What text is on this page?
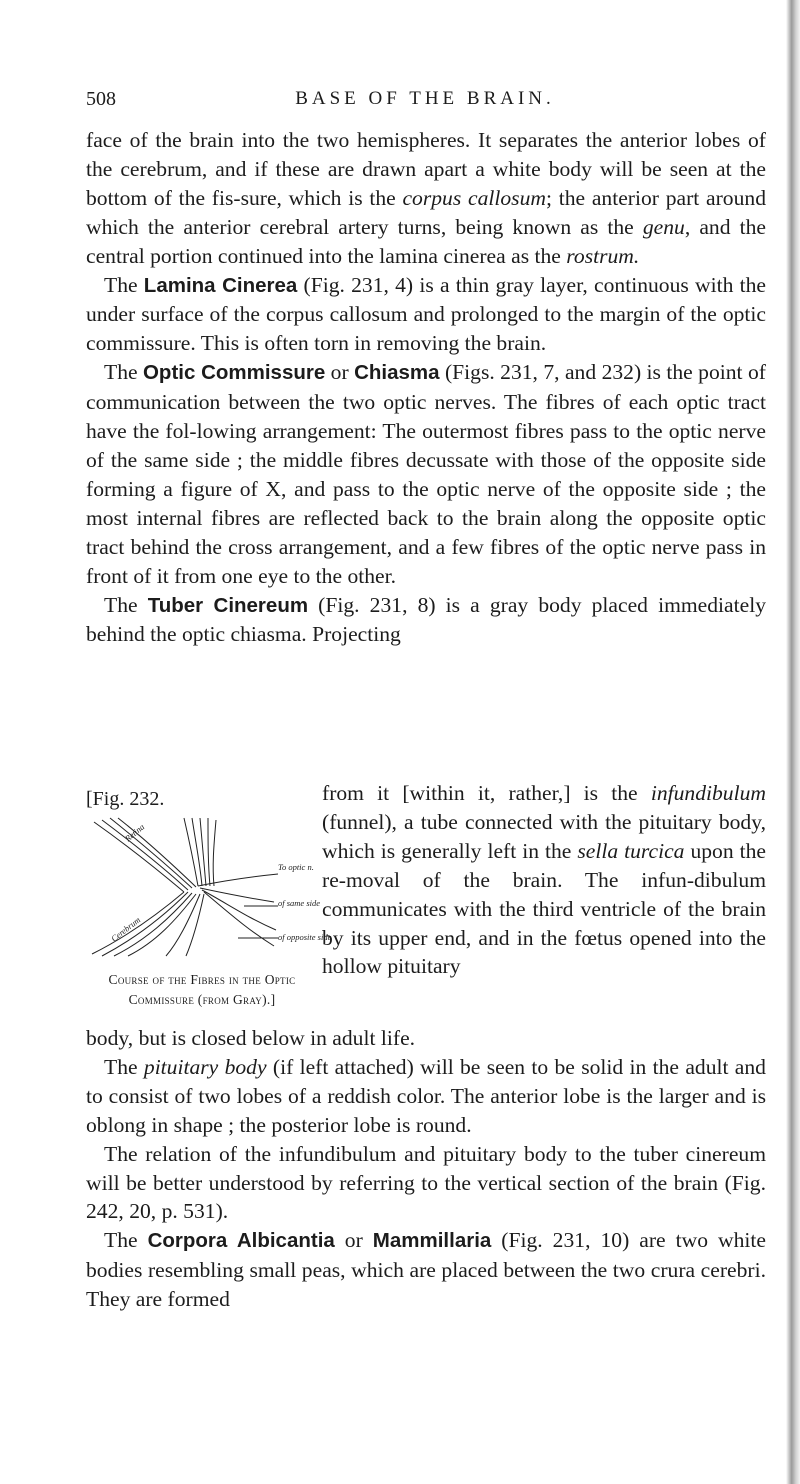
508	BASE OF THE BRAIN.

face of the brain into the two hemispheres. It separates the anterior lobes of the cerebrum, and if these are drawn apart a white body will be seen at the bottom of the fis-sure, which is the corpus callosum; the anterior part around which the anterior cerebral artery turns, being known as the genu, and the central portion continued into the lamina cinerea as the rostrum.

The Lamina Cinerea (Fig. 231, 4) is a thin gray layer, continuous with the under surface of the corpus callosum and prolonged to the margin of the optic commissure. This is often torn in removing the brain.

The Optic Commissure or Chiasma (Figs. 231, 7, and 232) is the point of communication between the two optic nerves. The fibres of each optic tract have the fol-lowing arrangement: The outermost fibres pass to the optic nerve of the same side ; the middle fibres decussate with those of the opposite side forming a figure of X, and pass to the optic nerve of the opposite side ; the most internal fibres are reflected back to the brain along the opposite optic tract behind the cross arrangement, and a few fibres of the optic nerve pass in front of it from one eye to the other.

The Tuber Cinereum (Fig. 231, 8) is a gray body placed immediately behind the optic chiasma. Projecting

[Fig. 232.
To optic n.
of same side
of opposite side
Retina
Cerebrum
Course of the Fibres in the Optic
Commissure (from Gray).]
from it [within it, rather,] is the infundibulum (funnel), a tube connected with the pituitary body, which is generally left in the sella turcica upon the re-moval of the brain. The infun-dibulum communicates with the third ventricle of the brain by its upper end, and in the fœtus opened into the hollow pituitary

body, but is closed below in adult life.

The pituitary body (if left attached) will be seen to be solid in the adult and to consist of two lobes of a reddish color. The anterior lobe is the larger and is oblong in shape ; the posterior lobe is round.

The relation of the infundibulum and pituitary body to the tuber cinereum will be better understood by referring to the vertical section of the brain (Fig. 242, 20, p. 531).

The Corpora Albicantia or Mammillaria (Fig. 231, 10) are two white bodies resembling small peas, which are placed between the two crura cerebri. They are formed
